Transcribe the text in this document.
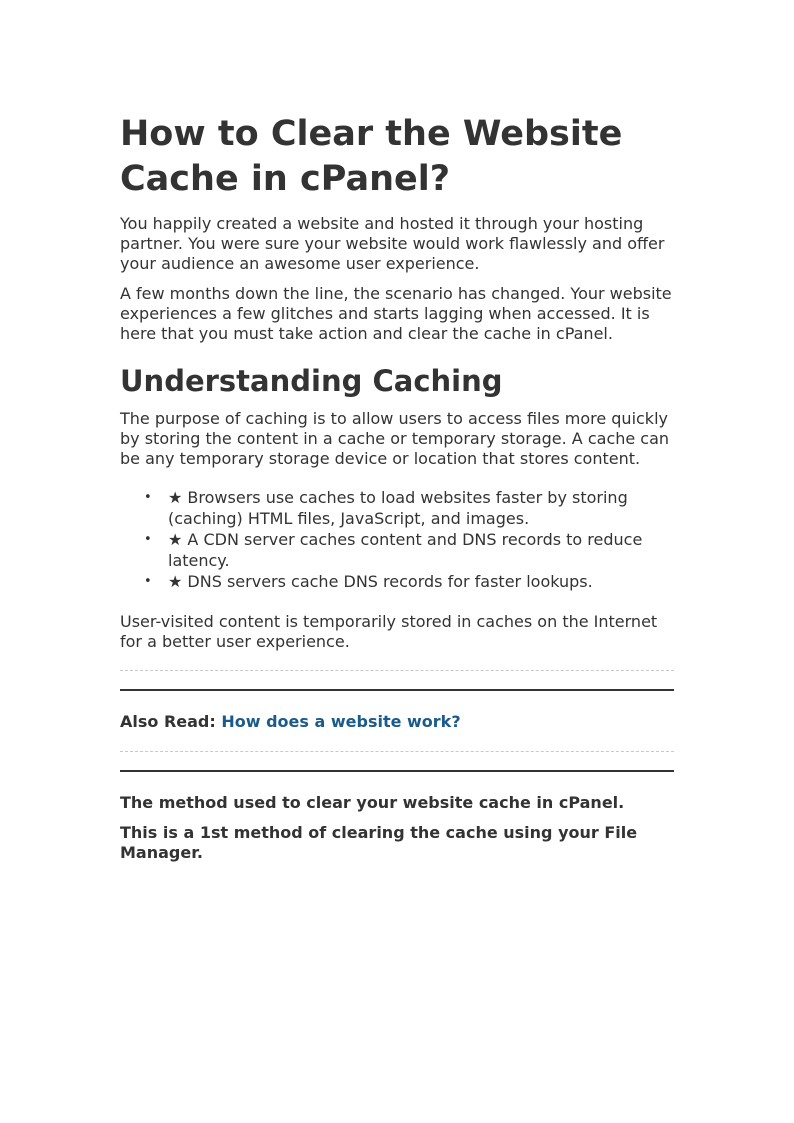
How to Clear the Website Cache in cPanel?

You happily created a website and hosted it through your hosting partner. You were sure your website would work flawlessly and offer your audience an awesome user experience.

A few months down the line, the scenario has changed. Your website experiences a few glitches and starts lagging when accessed. It is here that you must take action and clear the cache in cPanel.

Understanding Caching

The purpose of caching is to allow users to access files more quickly by storing the content in a cache or temporary storage. A cache can be any temporary storage device or location that stores content.

• ★ Browsers use caches to load websites faster by storing (caching) HTML files, JavaScript, and images.
• ★ A CDN server caches content and DNS records to reduce latency.
• ★ DNS servers cache DNS records for faster lookups.

User-visited content is temporarily stored in caches on the Internet for a better user experience.

Also Read: How does a website work?

The method used to clear your website cache in cPanel.

This is a 1st method of clearing the cache using your File Manager.
